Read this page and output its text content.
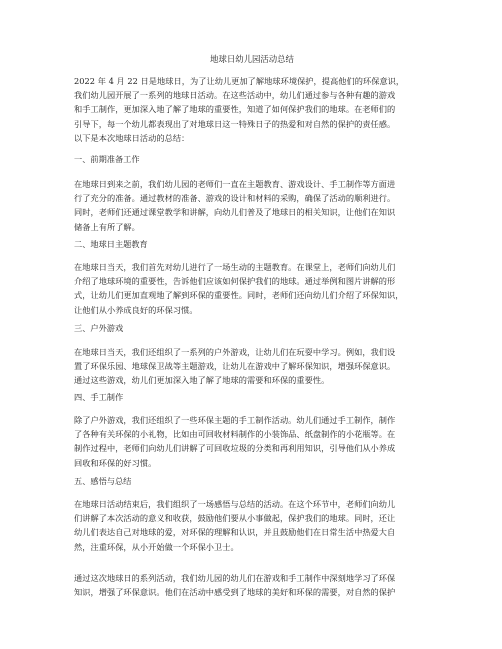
地球日幼儿园活动总结

2022 年 4 月 22 日是地球日，为了让幼儿更加了解地球环境保护，提高他们的环保意识，
我们幼儿园开展了一系列的地球日活动。在这些活动中，幼儿们通过参与各种有趣的游戏
和手工制作，更加深入地了解了地球的重要性，知道了如何保护我们的地球。在老师们的
引导下，每一个幼儿都表现出了对地球日这一特殊日子的热爱和对自然的保护的责任感。
以下是本次地球日活动的总结：

一、前期准备工作

在地球日到来之前，我们幼儿园的老师们一直在主题教育、游戏设计、手工制作等方面进
行了充分的准备。通过教材的准备、游戏的设计和材料的采购，确保了活动的顺利进行。
同时，老师们还通过课堂教学和讲解，向幼儿们普及了地球日的相关知识，让他们在知识
储备上有所了解。

二、地球日主题教育

在地球日当天，我们首先对幼儿进行了一场生动的主题教育。在课堂上，老师们向幼儿们
介绍了地球环境的重要性，告诉他们应该如何保护我们的地球。通过举例和图片讲解的形
式，让幼儿们更加直观地了解到环保的重要性。同时，老师们还向幼儿们介绍了环保知识，
让他们从小养成良好的环保习惯。

三、户外游戏

在地球日当天，我们还组织了一系列的户外游戏，让幼儿们在玩耍中学习。例如，我们设
置了环保乐园、地球保卫战等主题游戏，让幼儿在游戏中了解环保知识，增强环保意识。
通过这些游戏，幼儿们更加深入地了解了地球的需要和环保的重要性。

四、手工制作

除了户外游戏，我们还组织了一些环保主题的手工制作活动。幼儿们通过手工制作，制作
了各种有关环保的小礼物，比如由可回收材料制作的小装饰品、纸盘制作的小花瓶等。在
制作过程中，老师们向幼儿们讲解了可回收垃圾的分类和再利用知识，引导他们从小养成
回收和环保的好习惯。

五、感悟与总结

在地球日活动结束后，我们组织了一场感悟与总结的活动。在这个环节中，老师们向幼儿
们讲解了本次活动的意义和收获，鼓励他们要从小事做起，保护我们的地球。同时，还让
幼儿们表达自己对地球的爱，对环保的理解和认识，并且鼓励他们在日常生活中热爱大自
然，注重环保，从小开始做一个环保小卫士。

通过这次地球日的系列活动，我们幼儿园的幼儿们在游戏和手工制作中深刻地学习了环保
知识，增强了环保意识。他们在活动中感受到了地球的美好和环保的需要，对自然的保护
